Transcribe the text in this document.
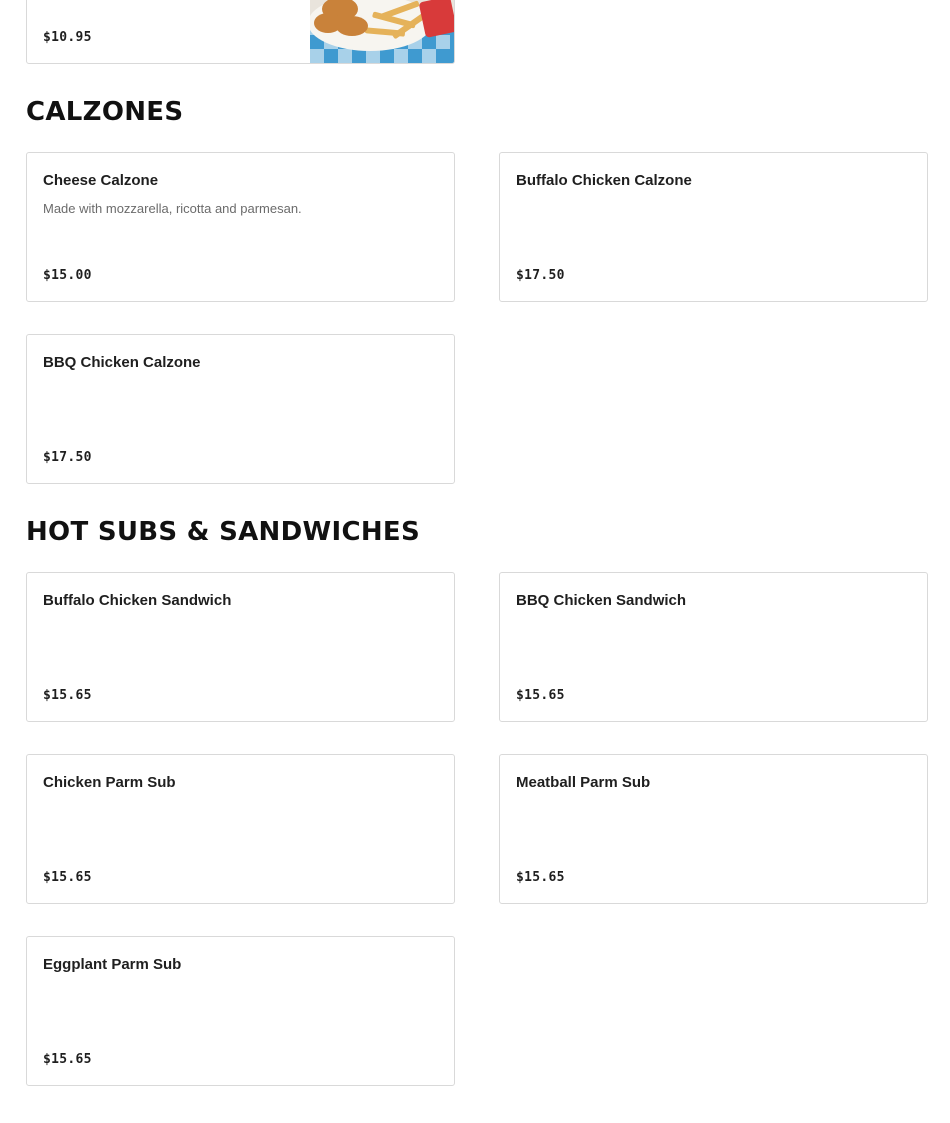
$10.95
CALZONES
Cheese Calzone
Made with mozzarella, ricotta and parmesan.
$15.00
Buffalo Chicken Calzone
$17.50
BBQ Chicken Calzone
$17.50
HOT SUBS & SANDWICHES
Buffalo Chicken Sandwich
$15.65
BBQ Chicken Sandwich
$15.65
Chicken Parm Sub
$15.65
Meatball Parm Sub
$15.65
Eggplant Parm Sub
$15.65
